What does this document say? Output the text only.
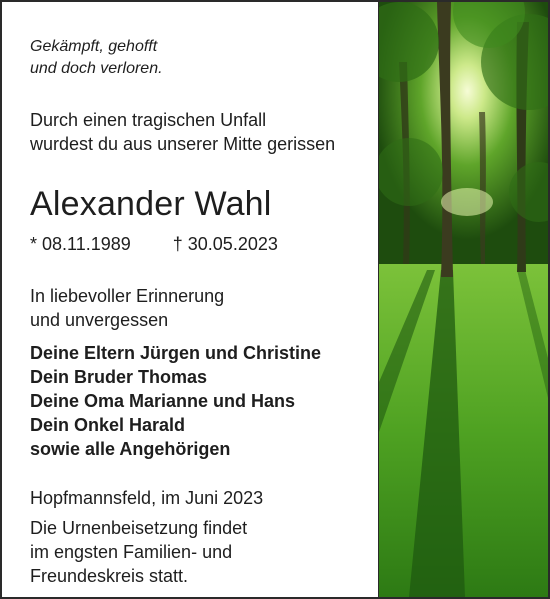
Gekämpft, gehofft
und doch verloren.
Durch einen tragischen Unfall
wurdest du aus unserer Mitte gerissen
Alexander Wahl
* 08.11.1989 † 30.05.2023
In liebevoller Erinnerung
und unvergessen
Deine Eltern Jürgen und Christine
Dein Bruder Thomas
Deine Oma Marianne und Hans
Dein Onkel Harald
sowie alle Angehörigen
Hopfmannsfeld, im Juni 2023
Die Urnenbeisetzung findet
im engsten Familien- und
Freundeskreis statt.
